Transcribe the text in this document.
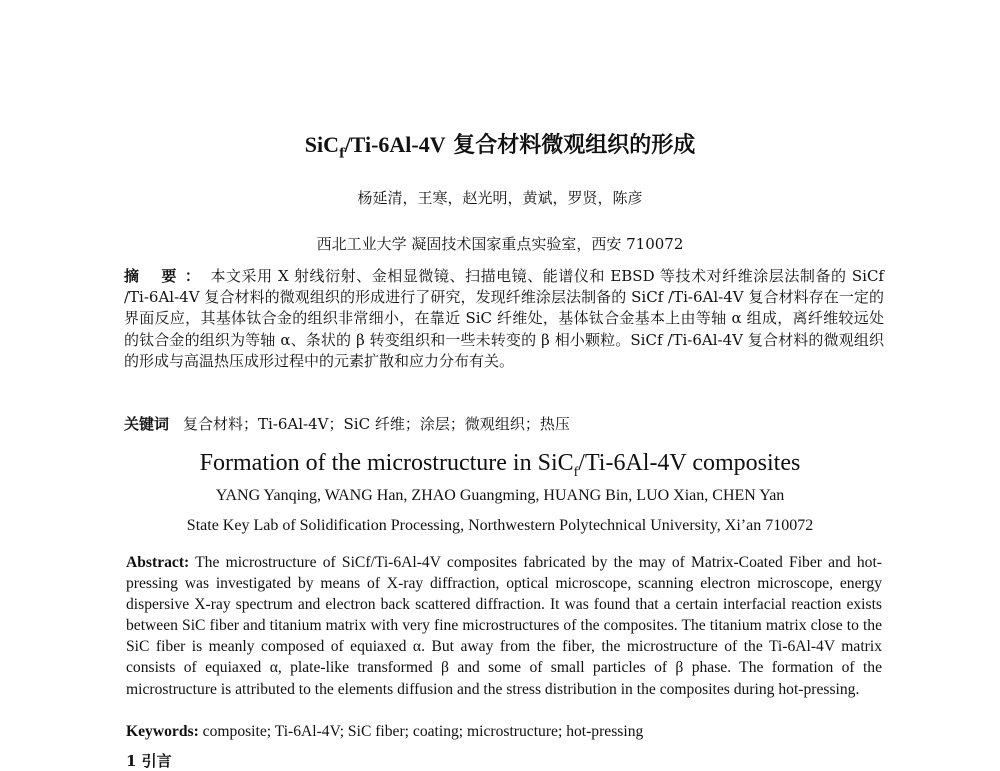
SiC$_f$/Ti-6Al-4V 复合材料微观组织的形成
杨延清，王寒，赵光明，黄斌，罗贤，陈彦
西北工业大学 凝固技术国家重点实验室，西安 710072
摘 要： 本文采用 X 射线衍射、金相显微镜、扫描电镜、能谱仪和 EBSD 等技术对纤维涂层法制备的 SiCf /Ti-6Al-4V 复合材料的微观组织的形成进行了研究，发现纤维涂层法制备的 SiCf /Ti-6Al-4V 复合材料存在一定的界面反应，其基体钛合金的组织非常细小，在靠近 SiC 纤维处，基体钛合金基本上由等轴 α 组成，离纤维较远处的钛合金的组织为等轴 α、条状的 β 转变组织和一些未转变的 β 相小颗粒。SiCf /Ti-6Al-4V 复合材料的微观组织的形成与高温热压成形过程中的元素扩散和应力分布有关。
关键词 复合材料；Ti-6Al-4V；SiC 纤维；涂层；微观组织；热压
Formation of the microstructure in SiC$_f$/Ti-6Al-4V composites
YANG Yanqing, WANG Han, ZHAO Guangming, HUANG Bin, LUO Xian, CHEN Yan
State Key Lab of Solidification Processing, Northwestern Polytechnical University, Xi’an 710072
Abstract: The microstructure of SiCf/Ti-6Al-4V composites fabricated by the may of Matrix-Coated Fiber and hot-pressing was investigated by means of X-ray diffraction, optical microscope, scanning electron microscope, energy dispersive X-ray spectrum and electron back scattered diffraction. It was found that a certain interfacial reaction exists between SiC fiber and titanium matrix with very fine microstructures of the composites. The titanium matrix close to the SiC fiber is meanly composed of equiaxed α. But away from the fiber, the microstructure of the Ti-6Al-4V matrix consists of equiaxed α, plate-like transformed β and some of small particles of β phase. The formation of the microstructure is attributed to the elements diffusion and the stress distribution in the composites during hot-pressing.
Keywords: composite; Ti-6Al-4V; SiC fiber; coating; microstructure; hot-pressing
1 引言
